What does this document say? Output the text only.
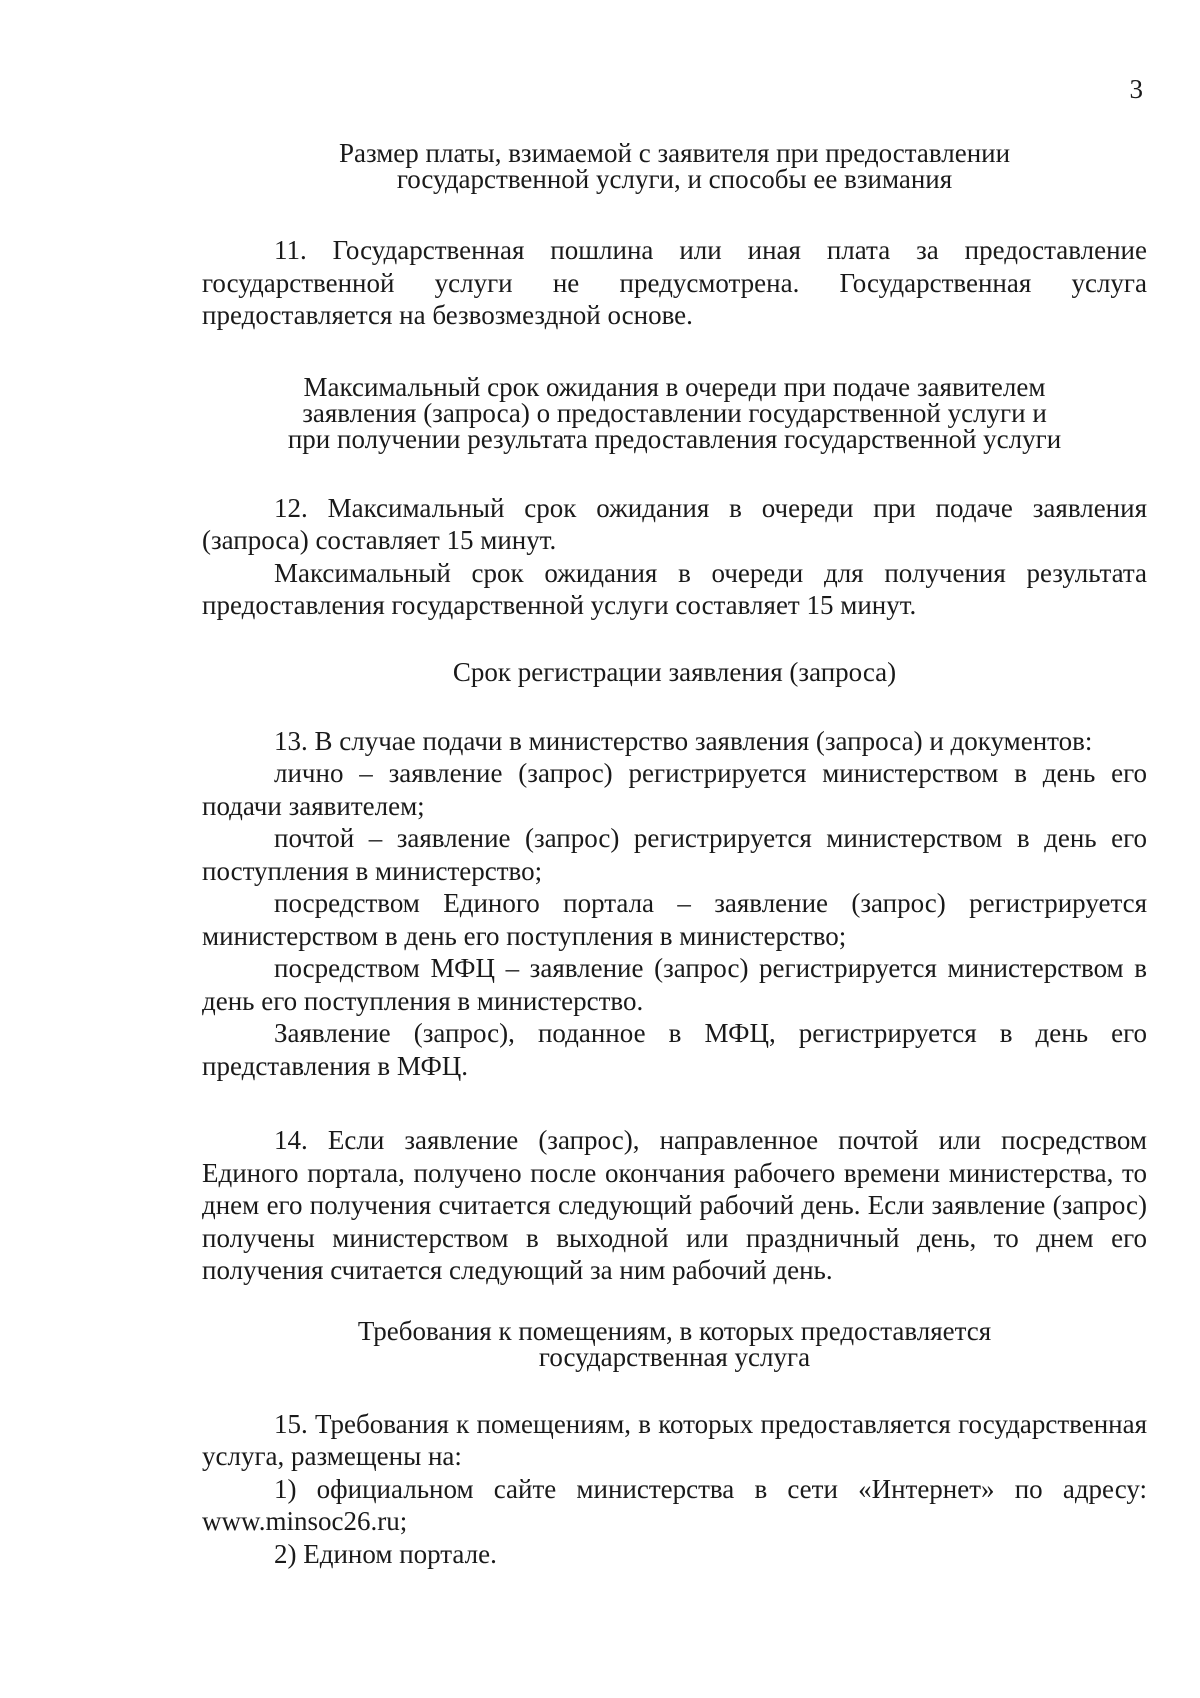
3

Размер платы, взимаемой с заявителя при предоставлении
государственной услуги, и способы ее взимания

11. Государственная пошлина или иная плата за предоставление государственной услуги не предусмотрена. Государственная услуга предоставляется на безвозмездной основе.

Максимальный срок ожидания в очереди при подаче заявителем
заявления (запроса) о предоставлении государственной услуги и
при получении результата предоставления государственной услуги

12. Максимальный срок ожидания в очереди при подаче заявления (запроса) составляет 15 минут.

Максимальный срок ожидания в очереди для получения результата предоставления государственной услуги составляет 15 минут.

Срок регистрации заявления (запроса)

13. В случае подачи в министерство заявления (запроса) и документов:

лично – заявление (запрос) регистрируется министерством в день его подачи заявителем;

почтой – заявление (запрос) регистрируется министерством в день его поступления в министерство;

посредством Единого портала – заявление (запрос) регистрируется министерством в день его поступления в министерство;

посредством МФЦ – заявление (запрос) регистрируется министерством в день его поступления в министерство.

Заявление (запрос), поданное в МФЦ, регистрируется в день его представления в МФЦ.

14. Если заявление (запрос), направленное почтой или посредством Единого портала, получено после окончания рабочего времени министерства, то днем его получения считается следующий рабочий день. Если заявление (запрос) получены министерством в выходной или праздничный день, то днем его получения считается следующий за ним рабочий день.

Требования к помещениям, в которых предоставляется
государственная услуга

15. Требования к помещениям, в которых предоставляется государственная услуга, размещены на:

1) официальном сайте министерства в сети «Интернет» по адресу: www.minsoc26.ru;

2) Едином портале.
